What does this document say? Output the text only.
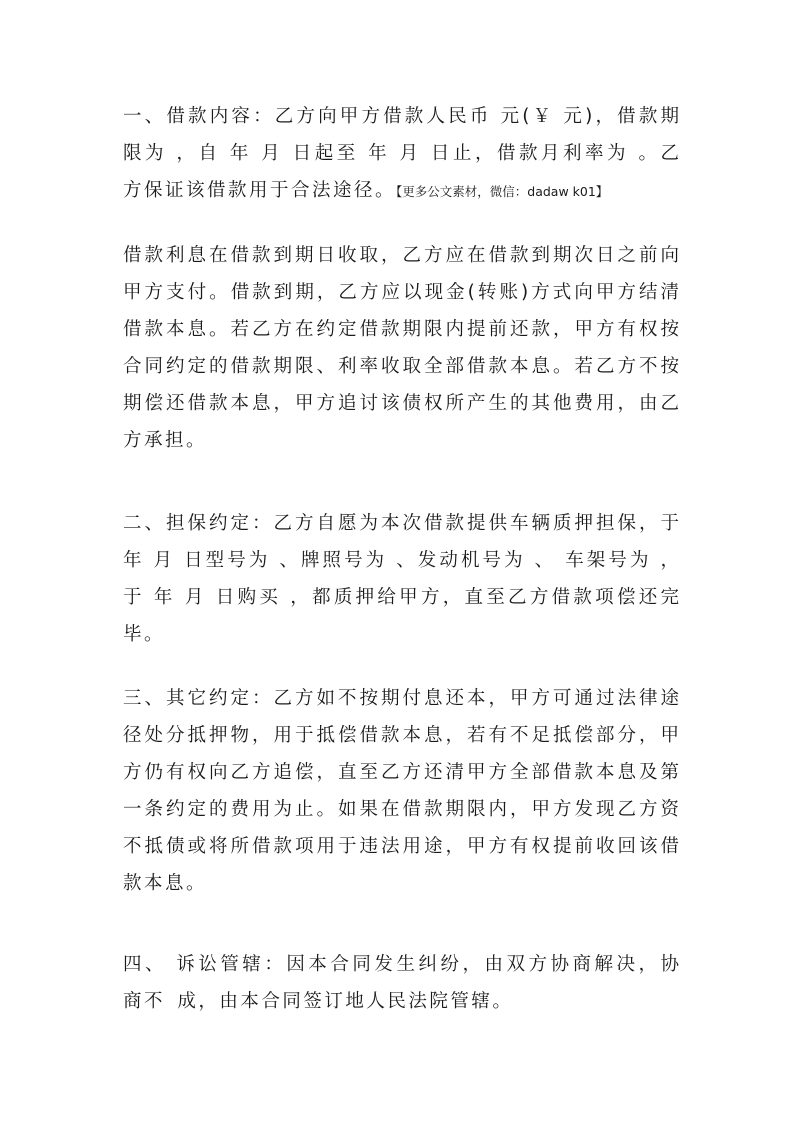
一、借款内容：乙方向甲方借款人民币 元(￥ 元)，借款期
限为 ，自 年 月 日起至 年 月 日止，借款月利率为 。乙
方保证该借款用于合法途径。【更多公文素材，微信：dadaw k01】
借款利息在借款到期日收取，乙方应在借款到期次日之前向
甲方支付。借款到期，乙方应以现金(转账)方式向甲方结清
借款本息。若乙方在约定借款期限内提前还款，甲方有权按
合同约定的借款期限、利率收取全部借款本息。若乙方不按
期偿还借款本息，甲方追讨该债权所产生的其他费用，由乙
方承担。
二、担保约定：乙方自愿为本次借款提供车辆质押担保，于
年 月 日型号为 、牌照号为 、发动机号为 、 车架号为 ，
于 年 月 日购买 ，都质押给甲方，直至乙方借款项偿还完
毕。
三、其它约定：乙方如不按期付息还本，甲方可通过法律途
径处分抵押物，用于抵偿借款本息，若有不足抵偿部分，甲
方仍有权向乙方追偿，直至乙方还清甲方全部借款本息及第
一条约定的费用为止。如果在借款期限内，甲方发现乙方资
不抵债或将所借款项用于违法用途，甲方有权提前收回该借
款本息。
四、 诉讼管辖：因本合同发生纠纷，由双方协商解决，协
商不 成，由本合同签订地人民法院管辖。
